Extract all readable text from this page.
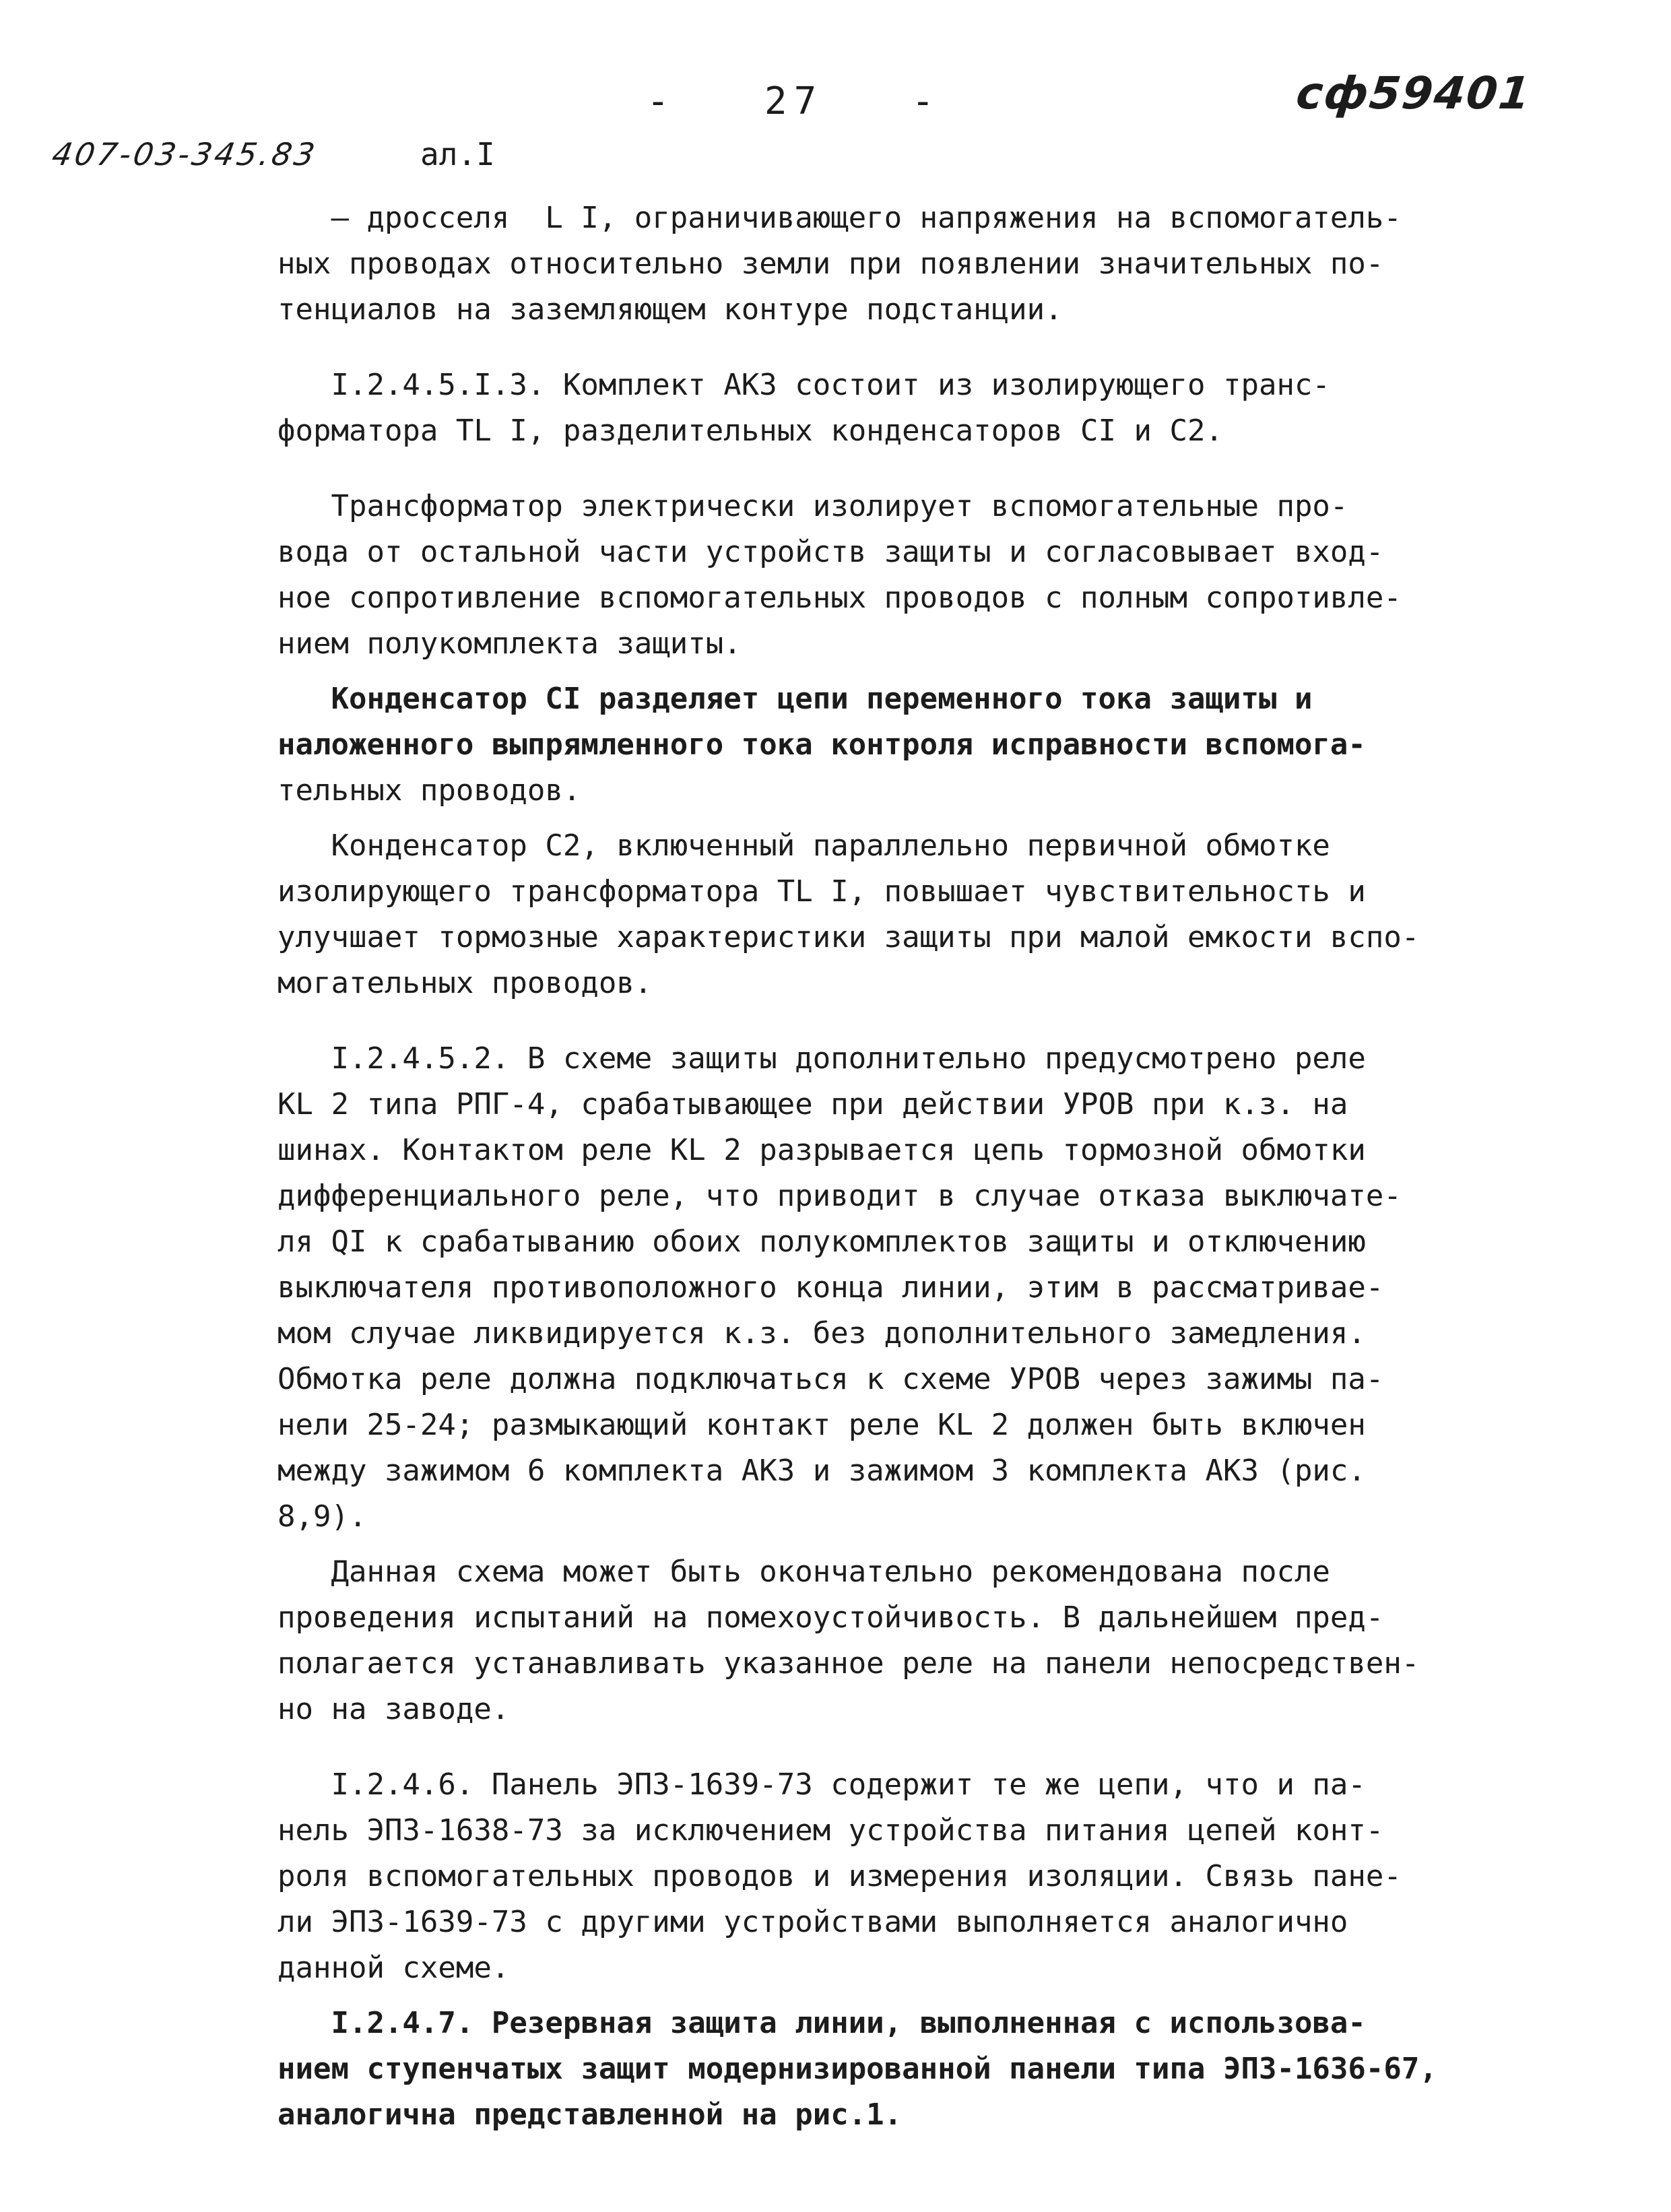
-   27   -	сф59401
407-03-345.83	ал.I
– дросселя  L I, ограничивающего напряжения на вспомогатель-
ных проводах относительно земли при появлении значительных по-
тенциалов на заземляющем контуре подстанции.
I.2.4.5.I.3. Комплект АКЗ состоит из изолирующего транс-
форматора TL I, разделительных конденсаторов CI и C2.
Трансформатор электрически изолирует вспомогательные про-
вода от остальной части устройств защиты и согласовывает вход-
ное сопротивление вспомогательных проводов с полным сопротивле-
нием полукомплекта защиты.
Конденсатор CI разделяет цепи переменного тока защиты и
наложенного выпрямленного тока контроля исправности вспомога-
тельных проводов.
Конденсатор C2, включенный параллельно первичной обмотке
изолирующего трансформатора TL I, повышает чувствительность и
улучшает тормозные характеристики защиты при малой емкости вспо-
могательных проводов.
I.2.4.5.2. В схеме защиты дополнительно предусмотрено реле
KL 2 типа РПГ-4, срабатывающее при действии УРОВ при к.з. на
шинах. Контактом реле KL 2 разрывается цепь тормозной обмотки
дифференциального реле, что приводит в случае отказа выключате-
ля QI к срабатыванию обоих полукомплектов защиты и отключению
выключателя противоположного конца линии, этим в рассматривае-
мом случае ликвидируется к.з. без дополнительного замедления.
Обмотка реле должна подключаться к схеме УРОВ через зажимы па-
нели 25-24; размыкающий контакт реле KL 2 должен быть включен
между зажимом 6 комплекта АКЗ и зажимом 3 комплекта АКЗ (рис.
8,9).
Данная схема может быть окончательно рекомендована после
проведения испытаний на помехоустойчивость. В дальнейшем пред-
полагается устанавливать указанное реле на панели непосредствен-
но на заводе.
I.2.4.6. Панель ЭПЗ-1639-73 содержит те же цепи, что и па-
нель ЭПЗ-1638-73 за исключением устройства питания цепей конт-
роля вспомогательных проводов и измерения изоляции. Связь пане-
ли ЭПЗ-1639-73 с другими устройствами выполняется аналогично
данной схеме.
I.2.4.7. Резервная защита линии, выполненная с использова-
нием ступенчатых защит модернизированной панели типа ЭПЗ-1636-67,
аналогична представленной на рис.1.
